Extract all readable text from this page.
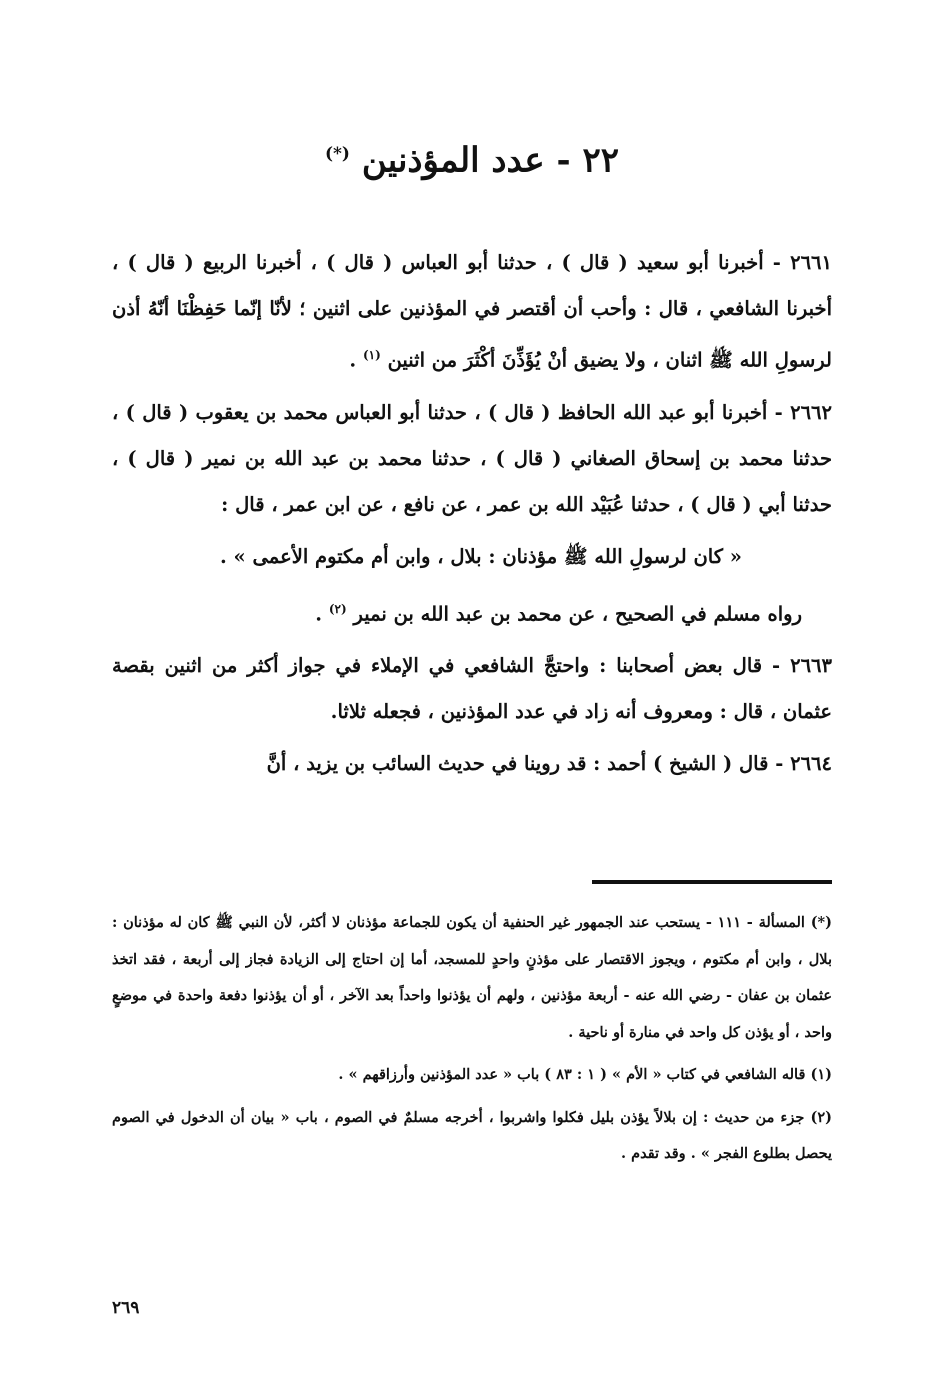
٢٢ - عدد المؤذنين (*)

٢٦٦١ - أخبرنا أبو سعيد ( قال ) ، حدثنا أبو العباس ( قال ) ، أخبرنا الربيع ( قال ) ، أخبرنا الشافعي ، قال : وأحب أن أقتصر في المؤذنين على اثنين ؛ لأنّا إنّما حَفِظْنَا أنّهُ أذن لرسولِ الله ﷺ اثنان ، ولا يضيق أنْ يُؤَذِّنَ أكْثَرَ من اثنين $^{(١)}$ .

٢٦٦٢ - أخبرنا أبو عبد الله الحافظ ( قال ) ، حدثنا أبو العباس محمد بن يعقوب ( قال ) ، حدثنا محمد بن إسحاق الصغاني ( قال ) ، حدثنا محمد بن عبد الله بن نمير ( قال ) ، حدثنا أبي ( قال ) ، حدثنا عُبَيْد الله بن عمر ، عن نافع ، عن ابن عمر ، قال :

« كان لرسولِ الله ﷺ مؤذنان : بلال ، وابن أم مكتوم الأعمى » .

رواه مسلم في الصحيح ، عن محمد بن عبد الله بن نمير $^{(٢)}$ .

٢٦٦٣ - قال بعض أصحابنا : واحتجَّ الشافعي في الإملاء في جواز أكثر من اثنين بقصة عثمان ، قال : ومعروف أنه زاد في عدد المؤذنين ، فجعله ثلاثا.

٢٦٦٤ - قال ( الشيخ ) أحمد : قد روينا في حديث السائب بن يزيد ، أنَّ

(*) المسألة - ١١١ - يستحب عند الجمهور غير الحنفية أن يكون للجماعة مؤذنان لا أكثر، لأن النبي ﷺ كان له مؤذنان : بلال ، وابن أم مكتوم ، ويجوز الاقتصار على مؤذنٍ واحدٍ للمسجد، أما إن احتاج إلى الزيادة فجاز إلى أربعة ، فقد اتخذ عثمان بن عفان - رضي الله عنه - أربعة مؤذنين ، ولهم أن يؤذنوا واحداً بعد الآخر ، أو أن يؤذنوا دفعة واحدة في موضعٍ واحد ، أو يؤذن كل واحد في منارة أو ناحية .

(١) قاله الشافعي في كتاب « الأم » ( ١ : ٨٣ ) باب « عدد المؤذنين وأرزاقهم » .

(٢) جزء من حديث : إن بلالاً يؤذن بليل فكلوا واشربوا ، أخرجه مسلمٌ في الصوم ، باب « بيان أن الدخول في الصوم يحصل بطلوع الفجر » . وقد تقدم .

٢٦٩
